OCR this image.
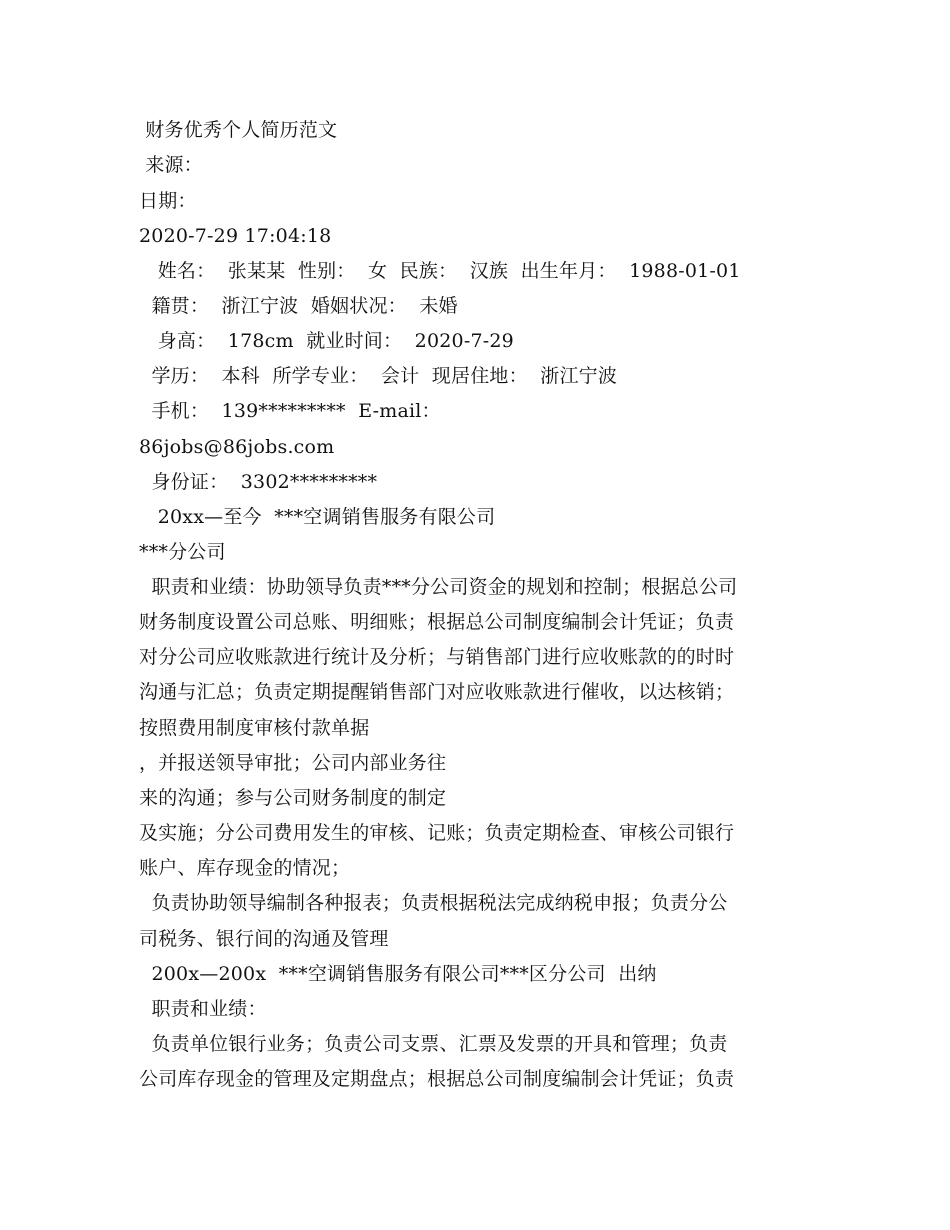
财务优秀个人简历范文
来源：
日期：
2020-7-29 17:04:18
姓名：  张某某  性别：  女  民族：  汉族  出生年月：  1988-01-01
籍贯：  浙江宁波  婚姻状况：  未婚
身高：  178cm  就业时间：  2020-7-29
学历：  本科  所学专业：  会计  现居住地：  浙江宁波
手机：  139*********  E-mail：
86jobs@86jobs.com
身份证：  3302*********
20xx—至今  ***空调销售服务有限公司
***分公司
职责和业绩：协助领导负责***分公司资金的规划和控制；根据总公司
财务制度设置公司总账、明细账；根据总公司制度编制会计凭证；负责
对分公司应收账款进行统计及分析；与销售部门进行应收账款的的时时
沟通与汇总；负责定期提醒销售部门对应收账款进行催收，以达核销；
按照费用制度审核付款单据
，并报送领导审批；公司内部业务往
来的沟通；参与公司财务制度的制定
及实施；分公司费用发生的审核、记账；负责定期检查、审核公司银行
账户、库存现金的情况；
负责协助领导编制各种报表；负责根据税法完成纳税申报；负责分公
司税务、银行间的沟通及管理
200x—200x  ***空调销售服务有限公司***区分公司  出纳
职责和业绩：
负责单位银行业务；负责公司支票、汇票及发票的开具和管理；负责
公司库存现金的管理及定期盘点；根据总公司制度编制会计凭证；负责
